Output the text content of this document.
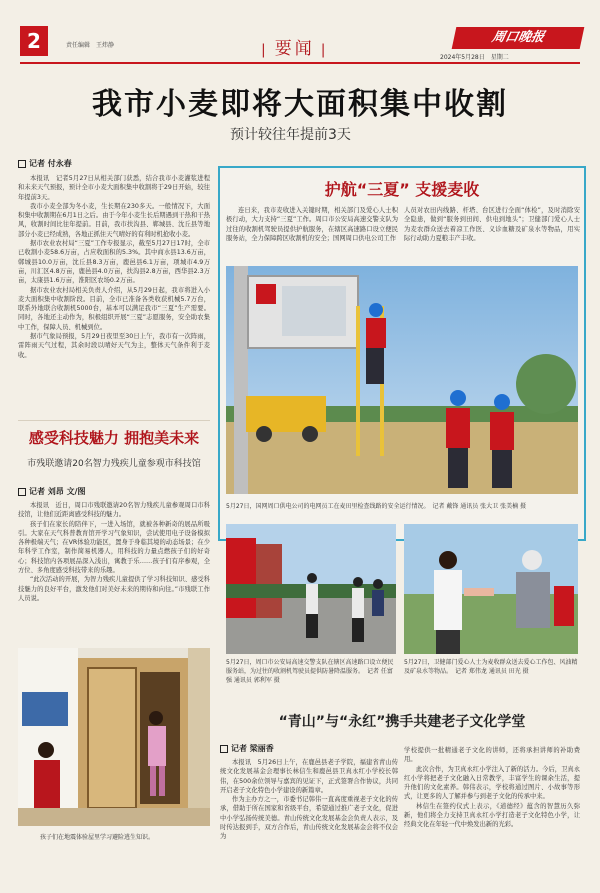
2	责任编辑　王炜静
|	要闻 |
周口晚报
2024年5月28日　星期二
我市小麦即将大面积集中收割
预计较往年提前3天
记者 付永春

本报讯　记者5月27日从相关部门获悉，结合我市小麦灌浆进程和未来天气预报，预计全市小麦大面积集中收割将于29日开始，较往年提前3天。

我市小麦全部为冬小麦，生长期在230多天。一般情况下，大面积集中收割期在6月1日之后。由于今年小麦生长后期遇到干热和干热风，收割时间比往年提前。目前，我市扶沟县、郸城县、沈丘县等地部分小麦已经成熟，各地正抓住天气晴好的有利时机抢收小麦。

据市农业农村局“三夏”工作专报显示，截至5月27日17时，全市已收割小麦58.6万亩，占应收面积的5.3%。其中商水县13.6万亩，郸城县10.0万亩，沈丘县8.3万亩，鹿邑县6.1万亩，项城市4.9万亩，川汇区4.8万亩，鹿邑县4.0万亩，扶沟县2.8万亩，西华县2.3万亩，太康县1.6万亩，淮阳区农场0.2万亩。

据市农业农村局相关负责人介绍，从5月29日起，我市将进入小麦大面积集中收割阶段。目前，全市已准备各类收获机械5.7万台，联系外地联合收割机5000台，基本可以满足我市“三夏”生产需要。同时，各地还主动作为，积极组织开展“三夏”志愿服务，安全助农集中工作，保障人员、机械到位。

据市气象局预报，5月29日夜里至30日上午，我市有一次阵雨，雷阵雨天气过程，其余时段以晴好天气为主，整体天气条件利于麦收。

感受科技魅力 拥抱美未来
市残联邀请20名智力残疾儿童参观市科技馆
记者 刘昂 文/图

本报讯　近日，周口市残联邀请20名智力残疾儿童参观周口市科技馆，让他们近距离感受科技的魅力。

孩子们在家长的陪伴下，一进入场馆，就被各种新奇的展品所吸引。大家在天气科普教育馆开学习气象知识，尝试使用电子设备模拟各种极端天气；在VR体验功能区，置身于身临其境的动态场景；在少年科学工作室，制作简易机器人，用科技的力量点燃孩子们的好奇心；科技馆内各项展品深入浅出，寓教于乐……孩子们有序参观，全方位、多角度感受科技带来的乐趣。

“此次活动的开展，为智力残疾儿童提供了学习科技知识、感受科技魅力的良好平台，激发他们对美好未来的期待和向往。”市残联工作人员说。

孩子们在地震体验屋里学习避险逃生知识。
护航“三夏” 支援麦收

连日来，我市麦收进入关键时期，相关部门及爱心人士积极行动，大力支持“三夏”工作。周口市公安局高速交警支队为过往的收割机驾驶员提供护航服务，在辖区高速路口设立便民服务站，全力保障跨区收割机的安全；国网周口供电公司工作

人员对农田内线路、杆塔、台区进行全面“体检”，及时消除安全隐患，做到“服务到田间、供电到地头”；卫健部门爱心人士为麦农群众送去着凉工作医、义诊血糖及矿泉水等物品，用实际行动助力夏粮丰产丰收。

5月27日，国网周口供电公司的电网员工在麦田里检查线路的安全运行情况。　记者 戴锋 通讯员 张大卫 张美楠 摄
5月27日，周口市公安局高速交警支队在辖区高速路口设立便民服务站，为过往的收割机驾驶员提供防暑降温服务。　记者 任富强 通讯员 郭利军 摄
5月27日，卫健部门爱心人士为麦收群众送去爱心工作包、风油精及矿泉水等物品。　记者 郑伟龙 通讯员 田光 摄
“青山”与“永红”携手共建老子文化学堂
记者 梁丽香

本报讯　5月26日上午，在鹿邑县老子学院，福建省青山传统文化发展基金会理事长林信生和鹿邑县卫真永红小学校长韩伟，在500余位领导与嘉宾的见证下，正式签署合作协议，共同开启老子文化特色小学建设的新篇章。

作为主办方之一，市委书记韩伟一直高度重视老子文化的传承，借助于所在国家和省级平台，希望通过推广老子文化，促进中小学弘扬传统美德。青山传统文化发展基金会负责人表示，及时传达报到手，双方合作后，青山传统文化发展基金会将不仅会为

学校提供一批精通老子文化的讲师，还将承担讲师的补助费用。

此次合作，为卫真永红小学注入了新的活力。今后，卫真永红小学将把老子文化融入日常教学，丰富学生的课余生活，提升他们的文化素养。韩伟表示，学校将通过图片、小故事等形式，让更多的人了解并参与到老子文化的传承中来。

林信生在签约仪式上表示，《道德经》蕴含的智慧历久弥新，他们将全力支持卫真永红小学打造老子文化特色小学，让经典文化在年轻一代中焕发出新的光彩。
